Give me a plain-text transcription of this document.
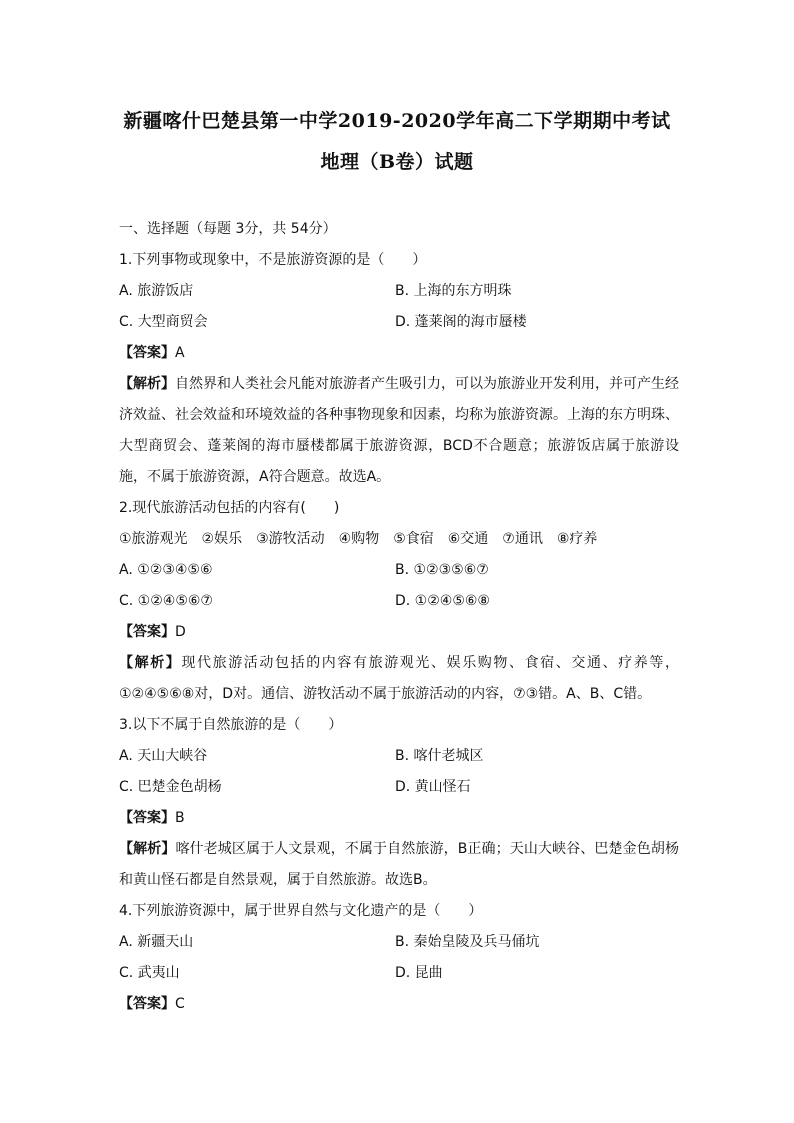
新疆喀什巴楚县第一中学2019-2020学年高二下学期期中考试
地理（B卷）试题
一、选择题（每题 3分，共 54分）
1.下列事物或现象中，不是旅游资源的是（　　）
A. 旅游饭店	B. 上海的东方明珠
C. 大型商贸会	D. 蓬莱阁的海市蜃楼
【答案】A
【解析】自然界和人类社会凡能对旅游者产生吸引力，可以为旅游业开发利用，并可产生经济效益、社会效益和环境效益的各种事物现象和因素，均称为旅游资源。上海的东方明珠、大型商贸会、蓬莱阁的海市蜃楼都属于旅游资源，BCD不合题意；旅游饭店属于旅游设施，不属于旅游资源，A符合题意。故选A。
2.现代旅游活动包括的内容有(　　)
①旅游观光　②娱乐　③游牧活动　④购物　⑤食宿　⑥交通　⑦通讯　⑧疗养
A. ①②③④⑤⑥	B. ①②③⑤⑥⑦
C. ①②④⑤⑥⑦	D. ①②④⑤⑥⑧
【答案】D
【解析】现代旅游活动包括的内容有旅游观光、娱乐购物、食宿、交通、疗养等，①②④⑤⑥⑧对，D对。通信、游牧活动不属于旅游活动的内容，⑦③错。A、B、C错。
3.以下不属于自然旅游的是（　　）
A. 天山大峡谷	B. 喀什老城区
C. 巴楚金色胡杨	D. 黄山怪石
【答案】B
【解析】喀什老城区属于人文景观，不属于自然旅游，B正确；天山大峡谷、巴楚金色胡杨和黄山怪石都是自然景观，属于自然旅游。故选B。
4.下列旅游资源中，属于世界自然与文化遗产的是（　　）
A. 新疆天山	B. 秦始皇陵及兵马俑坑
C. 武夷山	D. 昆曲
【答案】C
